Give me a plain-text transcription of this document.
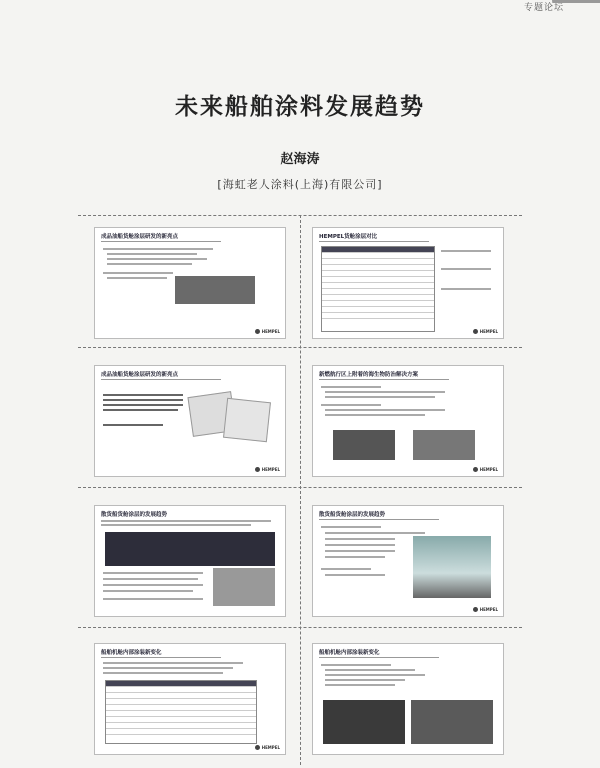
专题论坛
未来船舶涂料发展趋势
赵海涛
[海虹老人涂料(上海)有限公司]
成品油船货舱涂层研发的新亮点
HEMPEL
HEMPEL货舱涂层对比
HEMPEL
成品油船货舱涂层研发的新亮点
HEMPEL
新燃航行区上附着的海生物防治解决方案
HEMPEL
散货船货舱涂层的发展趋势	散货船货舱涂层的发展趋势
HEMPEL
船舶机舱内部涂装新变化
HEMPEL
船舶机舱内部涂装新变化
